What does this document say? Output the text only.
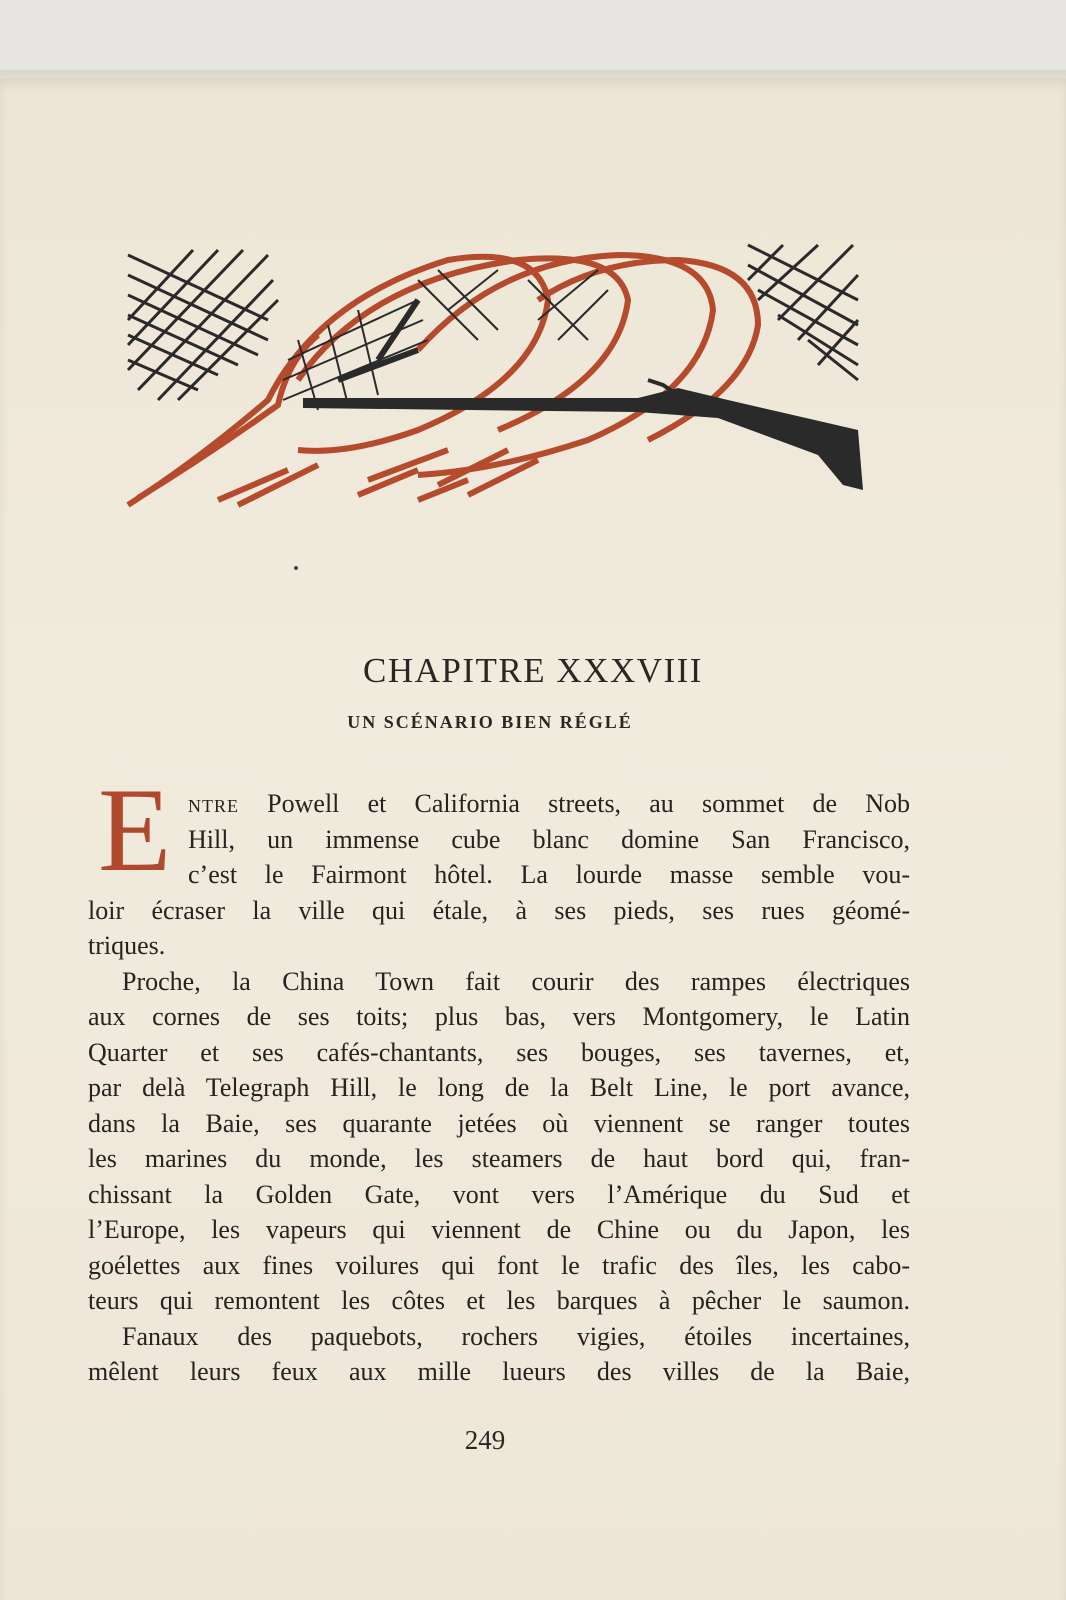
CHAPITRE XXXVIII
UN SCÉNARIO BIEN RÉGLÉ
E ntre Powell et California streets, au sommet de Nob
Hill, un immense cube blanc domine San Francisco,
c’est le Fairmont hôtel. La lourde masse semble vou-
loir écraser la ville qui étale, à ses pieds, ses rues géomé-
triques.
Proche, la China Town fait courir des rampes électriques
aux cornes de ses toits; plus bas, vers Montgomery, le Latin
Quarter et ses cafés-chantants, ses bouges, ses tavernes, et,
par delà Telegraph Hill, le long de la Belt Line, le port avance,
dans la Baie, ses quarante jetées où viennent se ranger toutes
les marines du monde, les steamers de haut bord qui, fran-
chissant la Golden Gate, vont vers l’Amérique du Sud et
l’Europe, les vapeurs qui viennent de Chine ou du Japon, les
goélettes aux fines voilures qui font le trafic des îles, les cabo-
teurs qui remontent les côtes et les barques à pêcher le saumon.
Fanaux des paquebots, rochers vigies, étoiles incertaines,
mêlent leurs feux aux mille lueurs des villes de la Baie,
249
